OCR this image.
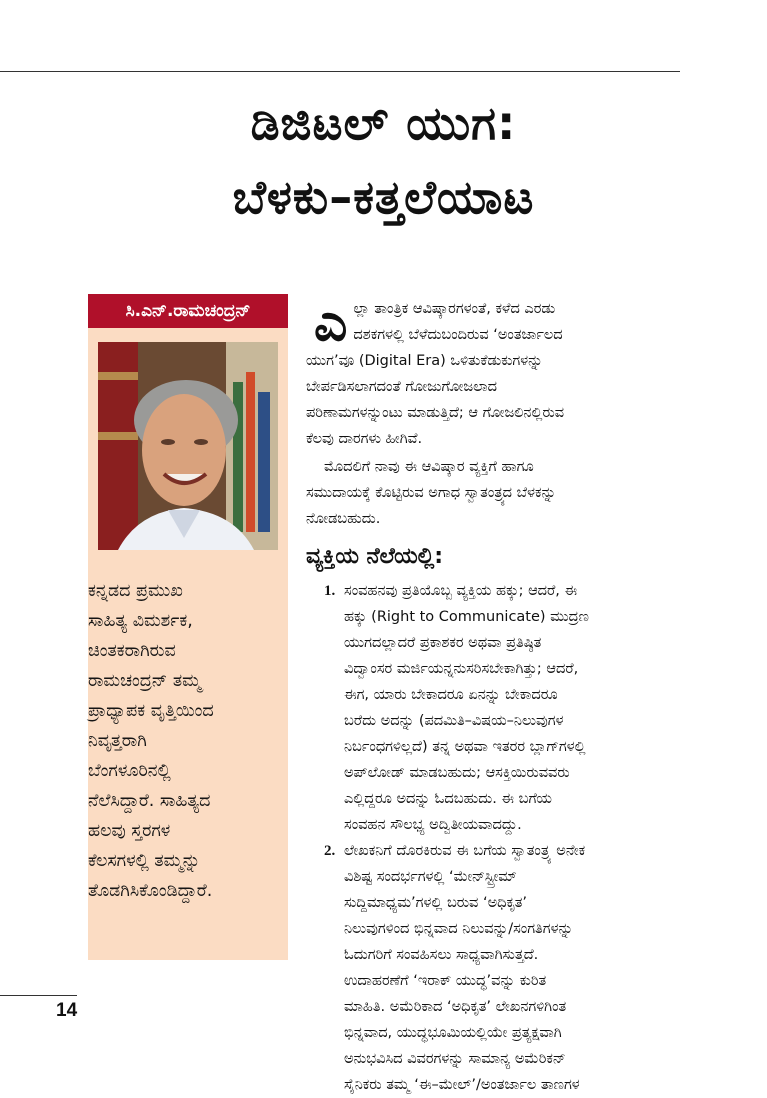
ಡಿಜಿಟಲ್ ಯುಗ:
ಬೆಳಕು–ಕತ್ತಲೆಯಾಟ
ಸಿ.ಎನ್.ರಾಮಚಂದ್ರನ್
ಕನ್ನಡದ ಪ್ರಮುಖ
ಸಾಹಿತ್ಯ ವಿಮರ್ಶಕ,
ಚಿಂತಕರಾಗಿರುವ
ರಾಮಚಂದ್ರನ್ ತಮ್ಮ
ಪ್ರಾಧ್ಯಾಪಕ ವೃತ್ತಿಯಿಂದ
ನಿವೃತ್ತರಾಗಿ
ಬೆಂಗಳೂರಿನಲ್ಲಿ
ನೆಲೆಸಿದ್ದಾರೆ. ಸಾಹಿತ್ಯದ
ಹಲವು ಸ್ತರಗಳ
ಕೆಲಸಗಳಲ್ಲಿ ತಮ್ಮನ್ನು
ತೊಡಗಿಸಿಕೊಂಡಿದ್ದಾರೆ.
ಎ ಲ್ಲಾ ತಾಂತ್ರಿಕ ಆವಿಷ್ಕಾರಗಳಂತೆ, ಕಳೆದ ಎರಡು
ದಶಕಗಳಲ್ಲಿ ಬೆಳೆದುಬಂದಿರುವ ‘ಅಂತರ್ಜಾಲದ
ಯುಗ’ವೂ (Digital Era) ಒಳಿತುಕೆಡುಕುಗಳನ್ನು
ಬೇರ್ಪಡಿಸಲಾಗದಂತೆ ಗೋಜುಗೋಜಲಾದ
ಪರಿಣಾಮಗಳನ್ನುಂಟು ಮಾಡುತ್ತಿದೆ; ಆ ಗೋಜಲಿನಲ್ಲಿರುವ
ಕೆಲವು ದಾರಗಳು ಹೀಗಿವೆ.
ಮೊದಲಿಗೆ ನಾವು ಈ ಆವಿಷ್ಕಾರ ವ್ಯಕ್ತಿಗೆ ಹಾಗೂ
ಸಮುದಾಯಕ್ಕೆ ಕೊಟ್ಟಿರುವ ಅಗಾಧ ಸ್ವಾತಂತ್ರ್ಯದ ಬೆಳಕನ್ನು
ನೋಡಬಹುದು.
ವ್ಯಕ್ತಿಯ ನೆಲೆಯಲ್ಲಿ:
1. ಸಂವಹನವು ಪ್ರತಿಯೊಬ್ಬ ವ್ಯಕ್ತಿಯ ಹಕ್ಕು; ಆದರೆ, ಈ
ಹಕ್ಕು (Right to Communicate) ಮುದ್ರಣ
ಯುಗದಲ್ಲಾದರೆ ಪ್ರಕಾಶಕರ ಅಥವಾ ಪ್ರತಿಷ್ಠಿತ
ವಿದ್ವಾಂಸರ ಮರ್ಜಿಯನ್ನನುಸರಿಸಬೇಕಾಗಿತ್ತು; ಆದರೆ,
ಈಗ, ಯಾರು ಬೇಕಾದರೂ ಏನನ್ನು ಬೇಕಾದರೂ
ಬರೆದು ಅದನ್ನು (ಪದಮಿತಿ–ವಿಷಯ–ನಿಲುವುಗಳ
ನಿರ್ಬಂಧಗಳಿಲ್ಲದೆ) ತನ್ನ ಅಥವಾ ಇತರರ ಬ್ಲಾಗ್‌ಗಳಲ್ಲಿ
ಅಪ್‌ಲೋಡ್ ಮಾಡಬಹುದು; ಆಸಕ್ತಿಯಿರುವವರು
ಎಲ್ಲಿದ್ದರೂ ಅದನ್ನು ಓದಬಹುದು. ಈ ಬಗೆಯ
ಸಂವಹನ ಸೌಲಭ್ಯ ಅದ್ವಿತೀಯವಾದದ್ದು.
2. ಲೇಖಕನಿಗೆ ದೊರಕಿರುವ ಈ ಬಗೆಯ ಸ್ವಾತಂತ್ರ್ಯ ಅನೇಕ
ವಿಶಿಷ್ಟ ಸಂದರ್ಭಗಳಲ್ಲಿ ‘ಮೇನ್‌ಸ್ಟ್ರೀಮ್
ಸುದ್ದಿಮಾಧ್ಯಮ’ಗಳಲ್ಲಿ ಬರುವ ‘ಅಧಿಕೃತ’
ನಿಲುವುಗಳಿಂದ ಭಿನ್ನವಾದ ನಿಲುವನ್ನು/ಸಂಗತಿಗಳನ್ನು
ಓದುಗರಿಗೆ ಸಂವಹಿಸಲು ಸಾಧ್ಯವಾಗಿಸುತ್ತದೆ.
ಉದಾಹರಣೆಗೆ ‘ಇರಾಕ್ ಯುದ್ಧ’ವನ್ನು ಕುರಿತ
ಮಾಹಿತಿ. ಅಮೆರಿಕಾದ ‘ಅಧಿಕೃತ’ ಲೇಖನಗಳಿಗಿಂತ
ಭಿನ್ನವಾದ, ಯುದ್ಧಭೂಮಿಯಲ್ಲಿಯೇ ಪ್ರತ್ಯಕ್ಷವಾಗಿ
ಅನುಭವಿಸಿದ ವಿವರಗಳನ್ನು ಸಾಮಾನ್ಯ ಅಮೆರಿಕನ್
ಸೈನಿಕರು ತಮ್ಮ ‘ಈ–ಮೇಲ್’/ಅಂತರ್ಜಾಲ ತಾಣಗಳ
14
